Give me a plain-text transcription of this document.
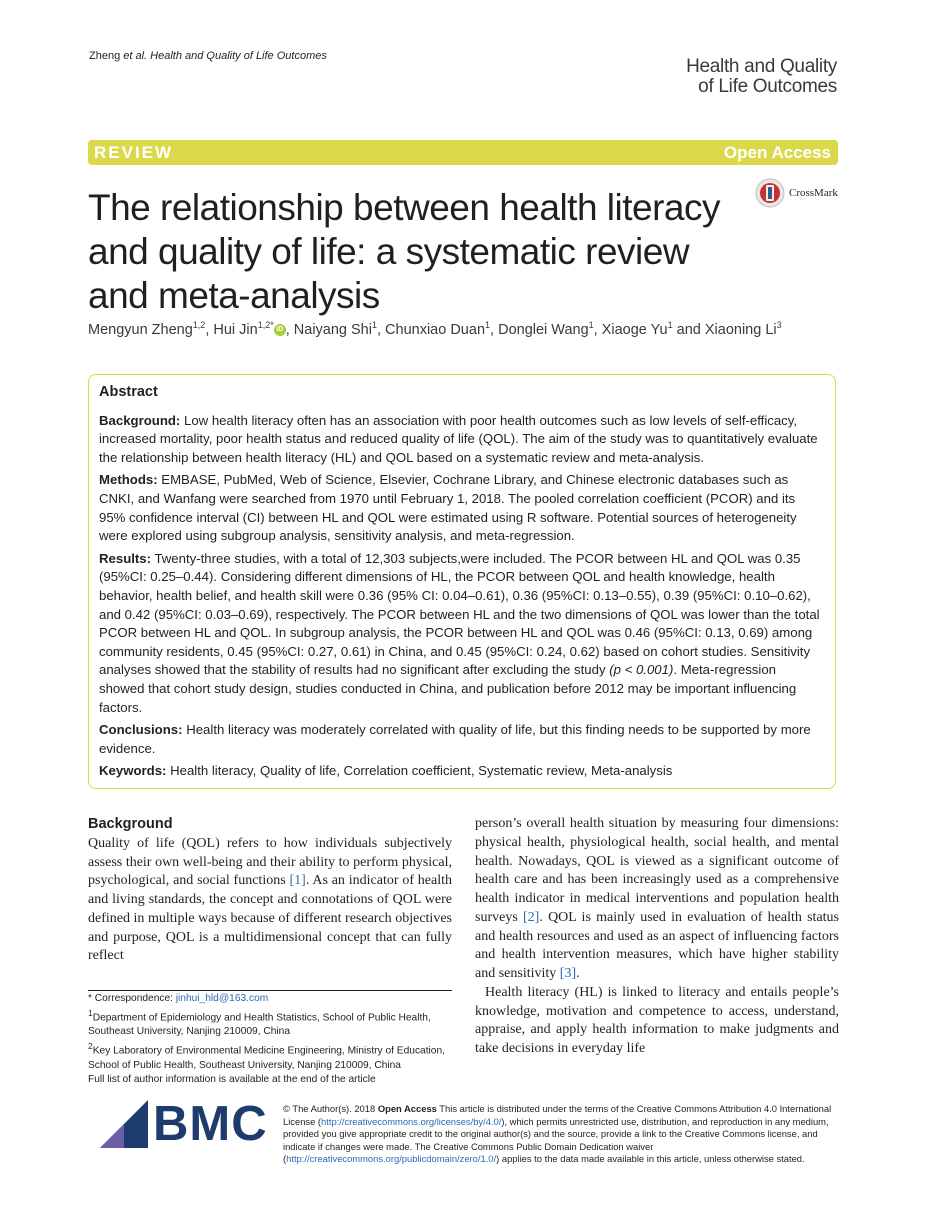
Zheng et al. Health and Quality of Life Outcomes	Health and Quality
of Life Outcomes
REVIEW	Open Access
The relationship between health literacy and quality of life: a systematic review and meta-analysis
CrossMark
Mengyun Zheng$^{1,2}$, Hui Jin$^{1,2*}$ iD , Naiyang Shi$^1$, Chunxiao Duan$^1$, Donglei Wang$^1$, Xiaoge Yu$^1$ and Xiaoning Li$^3$
Abstract
Background: Low health literacy often has an association with poor health outcomes such as low levels of self-efficacy, increased mortality, poor health status and reduced quality of life (QOL). The aim of the study was to quantitatively evaluate the relationship between health literacy (HL) and QOL based on a systematic review and meta-analysis.
Methods: EMBASE, PubMed, Web of Science, Elsevier, Cochrane Library, and Chinese electronic databases such as CNKI, and Wanfang were searched from 1970 until February 1, 2018. The pooled correlation coefficient (PCOR) and its 95% confidence interval (CI) between HL and QOL were estimated using R software. Potential sources of heterogeneity were explored using subgroup analysis, sensitivity analysis, and meta-regression.
Results: Twenty-three studies, with a total of 12,303 subjects,were included. The PCOR between HL and QOL was 0.35 (95%CI: 0.25–0.44). Considering different dimensions of HL, the PCOR between QOL and health knowledge, health behavior, health belief, and health skill were 0.36 (95% CI: 0.04–0.61), 0.36 (95%CI: 0.13–0.55), 0.39 (95%CI: 0.10–0.62), and 0.42 (95%CI: 0.03–0.69), respectively. The PCOR between HL and the two dimensions of QOL was lower than the total PCOR between HL and QOL. In subgroup analysis, the PCOR between HL and QOL was 0.46 (95%CI: 0.13, 0.69) among community residents, 0.45 (95%CI: 0.27, 0.61) in China, and 0.45 (95%CI: 0.24, 0.62) based on cohort studies. Sensitivity analyses showed that the stability of results had no significant after excluding the study (p < 0.001). Meta-regression showed that cohort study design, studies conducted in China, and publication before 2012 may be important influencing factors.
Conclusions: Health literacy was moderately correlated with quality of life, but this finding needs to be supported by more evidence.
Keywords: Health literacy, Quality of life, Correlation coefficient, Systematic review, Meta-analysis
Background

Quality of life (QOL) refers to how individuals subjectively assess their own well-being and their ability to perform physical, psychological, and social functions [1]. As an indicator of health and living standards, the concept and connotations of QOL were defined in multiple ways because of different research objectives and purpose, QOL is a multidimensional concept that can fully reflect

person’s overall health situation by measuring four dimensions: physical health, physiological health, social health, and mental health. Nowadays, QOL is viewed as a significant outcome of health care and has been increasingly used as a comprehensive health indicator in medical interventions and population health surveys [2]. QOL is mainly used in evaluation of health status and health resources and used as an aspect of influencing factors and health intervention measures, which have higher stability and sensitivity [3].

Health literacy (HL) is linked to literacy and entails people’s knowledge, motivation and competence to access, understand, appraise, and apply health information to make judgments and take decisions in everyday life

* Correspondence: jinhui_hld@163.com

$^1$Department of Epidemiology and Health Statistics, School of Public Health, Southeast University, Nanjing 210009, China

$^2$Key Laboratory of Environmental Medicine Engineering, Ministry of Education, School of Public Health, Southeast University, Nanjing 210009, China

Full list of author information is available at the end of the article

BMC © The Author(s). 2018 Open Access This article is distributed under the terms of the Creative Commons Attribution 4.0 International License (http://creativecommons.org/licenses/by/4.0/), which permits unrestricted use, distribution, and reproduction in any medium, provided you give appropriate credit to the original author(s) and the source, provide a link to the Creative Commons license, and indicate if changes were made. The Creative Commons Public Domain Dedication waiver (http://creativecommons.org/publicdomain/zero/1.0/) applies to the data made available in this article, unless otherwise stated.
